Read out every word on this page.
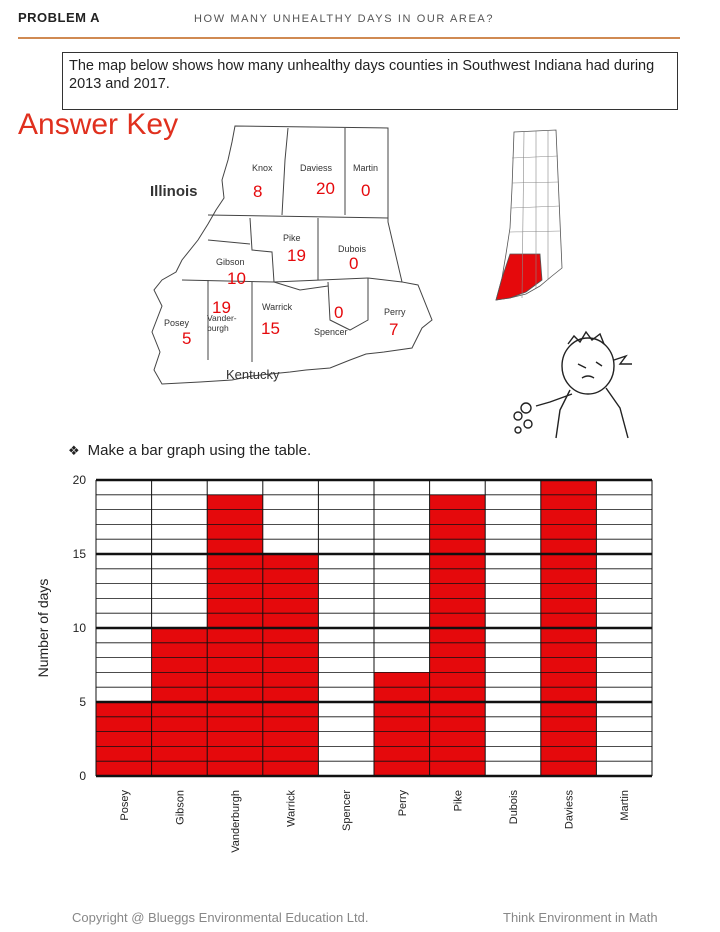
PROBLEM A	HOW MANY UNHEALTHY DAYS IN OUR AREA?
The map below shows how many unhealthy days counties in Southwest Indiana had during 2013 and 2017.
Answer Key
Illinois
Kentucky
Knox
8
Daviess
20
Martin
0
Pike
19	Dubois
0
Gibson
10
Posey
5
19
Vander-burgh
Warrick
15
0
Spencer
Perry
7
❖ Make a bar graph using the table.
0
5
10
15
20
Number of days
Posey	Gibson	Vanderburgh	Warrick	Spencer	Perry	Pike	Dubois	Daviess	Martin
Copyright @ Blueggs Environmental Education Ltd.	Think Environment in Math
